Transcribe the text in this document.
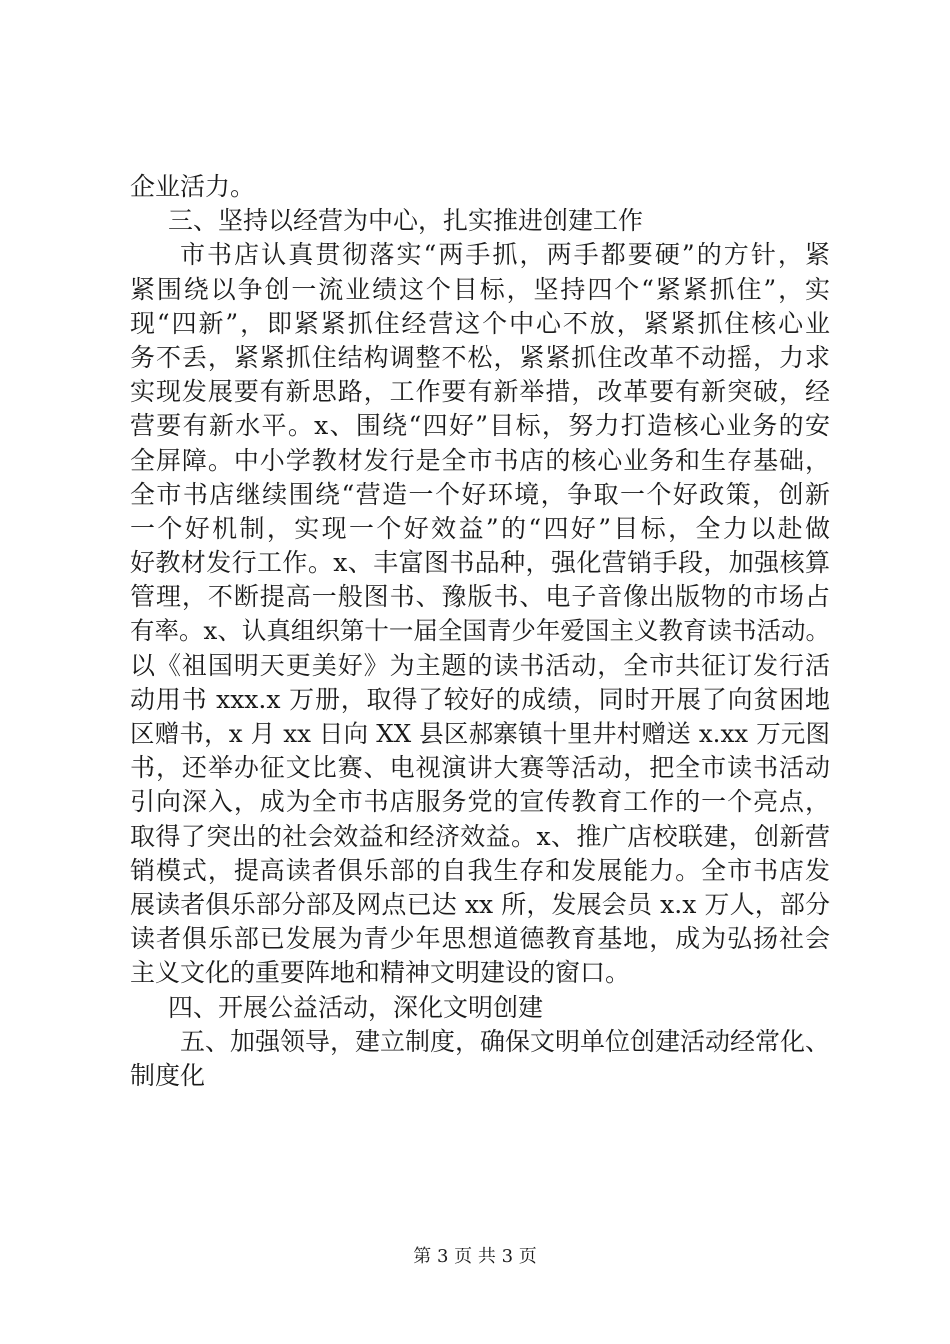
企业活力。
三、坚持以经营为中心，扎实推进创建工作
市书店认真贯彻落实“两手抓，两手都要硬”的方针，紧
紧围绕以争创一流业绩这个目标，坚持四个“紧紧抓住”，实
现“四新”，即紧紧抓住经营这个中心不放，紧紧抓住核心业
务不丢，紧紧抓住结构调整不松，紧紧抓住改革不动摇，力求
实现发展要有新思路，工作要有新举措，改革要有新突破，经
营要有新水平。x、围绕“四好”目标，努力打造核心业务的安
全屏障。中小学教材发行是全市书店的核心业务和生存基础，
全市书店继续围绕“营造一个好环境，争取一个好政策，创新
一个好机制，实现一个好效益”的“四好”目标，全力以赴做
好教材发行工作。x、丰富图书品种，强化营销手段，加强核算
管理，不断提高一般图书、豫版书、电子音像出版物的市场占
有率。x、认真组织第十一届全国青少年爱国主义教育读书活动。
以《祖国明天更美好》为主题的读书活动，全市共征订发行活
动用书 xxx.x 万册，取得了较好的成绩，同时开展了向贫困地
区赠书，x 月 xx 日向 XX 县区郝寨镇十里井村赠送 x.xx 万元图
书，还举办征文比赛、电视演讲大赛等活动，把全市读书活动
引向深入，成为全市书店服务党的宣传教育工作的一个亮点，
取得了突出的社会效益和经济效益。x、推广店校联建，创新营
销模式，提高读者俱乐部的自我生存和发展能力。全市书店发
展读者俱乐部分部及网点已达 xx 所，发展会员 x.x 万人，部分
读者俱乐部已发展为青少年思想道德教育基地，成为弘扬社会
主义文化的重要阵地和精神文明建设的窗口。
四、开展公益活动，深化文明创建
五、加强领导，建立制度，确保文明单位创建活动经常化、
制度化
第 3 页 共 3 页
